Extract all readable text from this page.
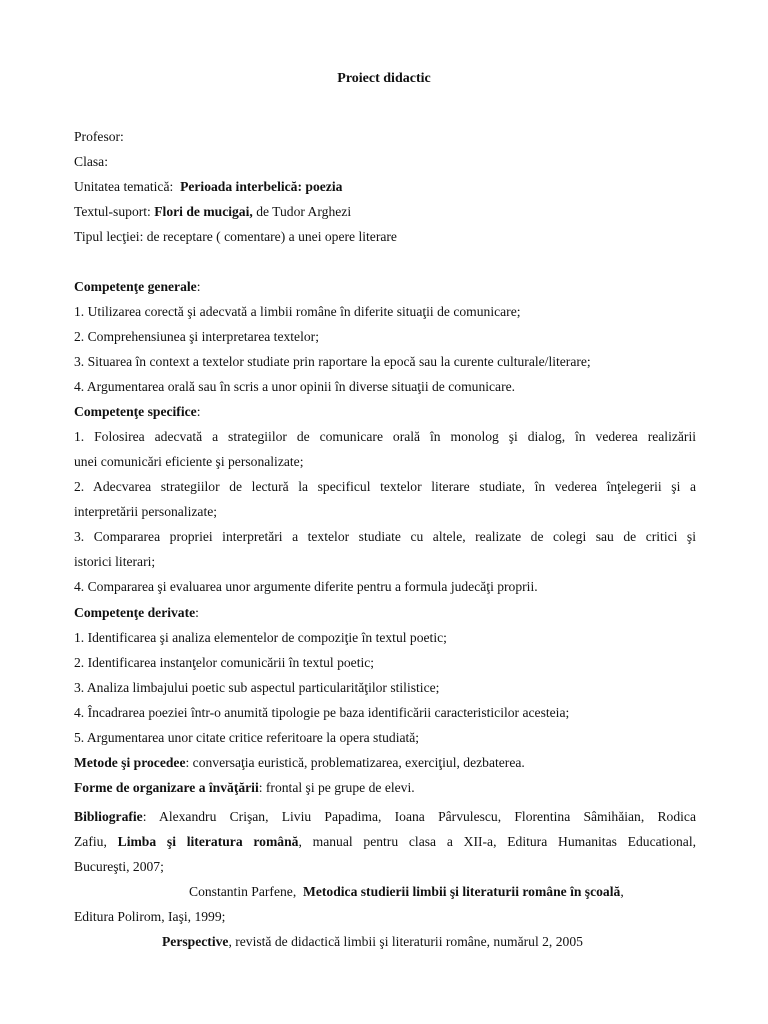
Proiect didactic
Profesor:
Clasa:
Unitatea tematică: Perioada interbelică: poezia
Textul-suport: Flori de mucigai, de Tudor Arghezi
Tipul lecţiei: de receptare ( comentare) a unei opere literare
Competenţe generale:
1. Utilizarea corectă şi adecvată a limbii române în diferite situaţii de comunicare;
2. Comprehensiunea şi interpretarea textelor;
3. Situarea în context a textelor studiate prin raportare la epocă sau la curente culturale/literare;
4. Argumentarea orală sau în scris a unor opinii în diverse situaţii de comunicare.
Competenţe specifice:
1. Folosirea adecvată a strategiilor de comunicare orală în monolog şi dialog, în vederea realizării
unei comunicări eficiente şi personalizate;
2. Adecvarea strategiilor de lectură la specificul textelor literare studiate, în vederea înţelegerii şi a
interpretării personalizate;
3. Compararea propriei interpretări a textelor studiate cu altele, realizate de colegi sau de critici şi
istorici literari;
4. Compararea şi evaluarea unor argumente diferite pentru a formula judecăţi proprii.
Competenţe derivate:
1. Identificarea şi analiza elementelor de compoziţie în textul poetic;
2. Identificarea instanţelor comunicării în textul poetic;
3. Analiza limbajului poetic sub aspectul particularităţilor stilistice;
4. Încadrarea poeziei într-o anumită tipologie pe baza identificării caracteristicilor acesteia;
5. Argumentarea unor citate critice referitoare la opera studiată;
Metode şi procedee: conversaţia euristică, problematizarea, exerciţiul, dezbaterea.
Forme de organizare a învăţării: frontal şi pe grupe de elevi.
Bibliografie: Alexandru Crişan, Liviu Papadima, Ioana Pârvulescu, Florentina Sâmihăian, Rodica
Zafiu, Limba şi literatura română, manual pentru clasa a XII-a, Editura Humanitas Educational,
Bucureşti, 2007;
Constantin Parfene, Metodica studierii limbii şi literaturii române în şcoală,
Editura Polirom, Iaşi, 1999;
Perspective, revistă de didactică limbii şi literaturii române, numărul 2, 2005
